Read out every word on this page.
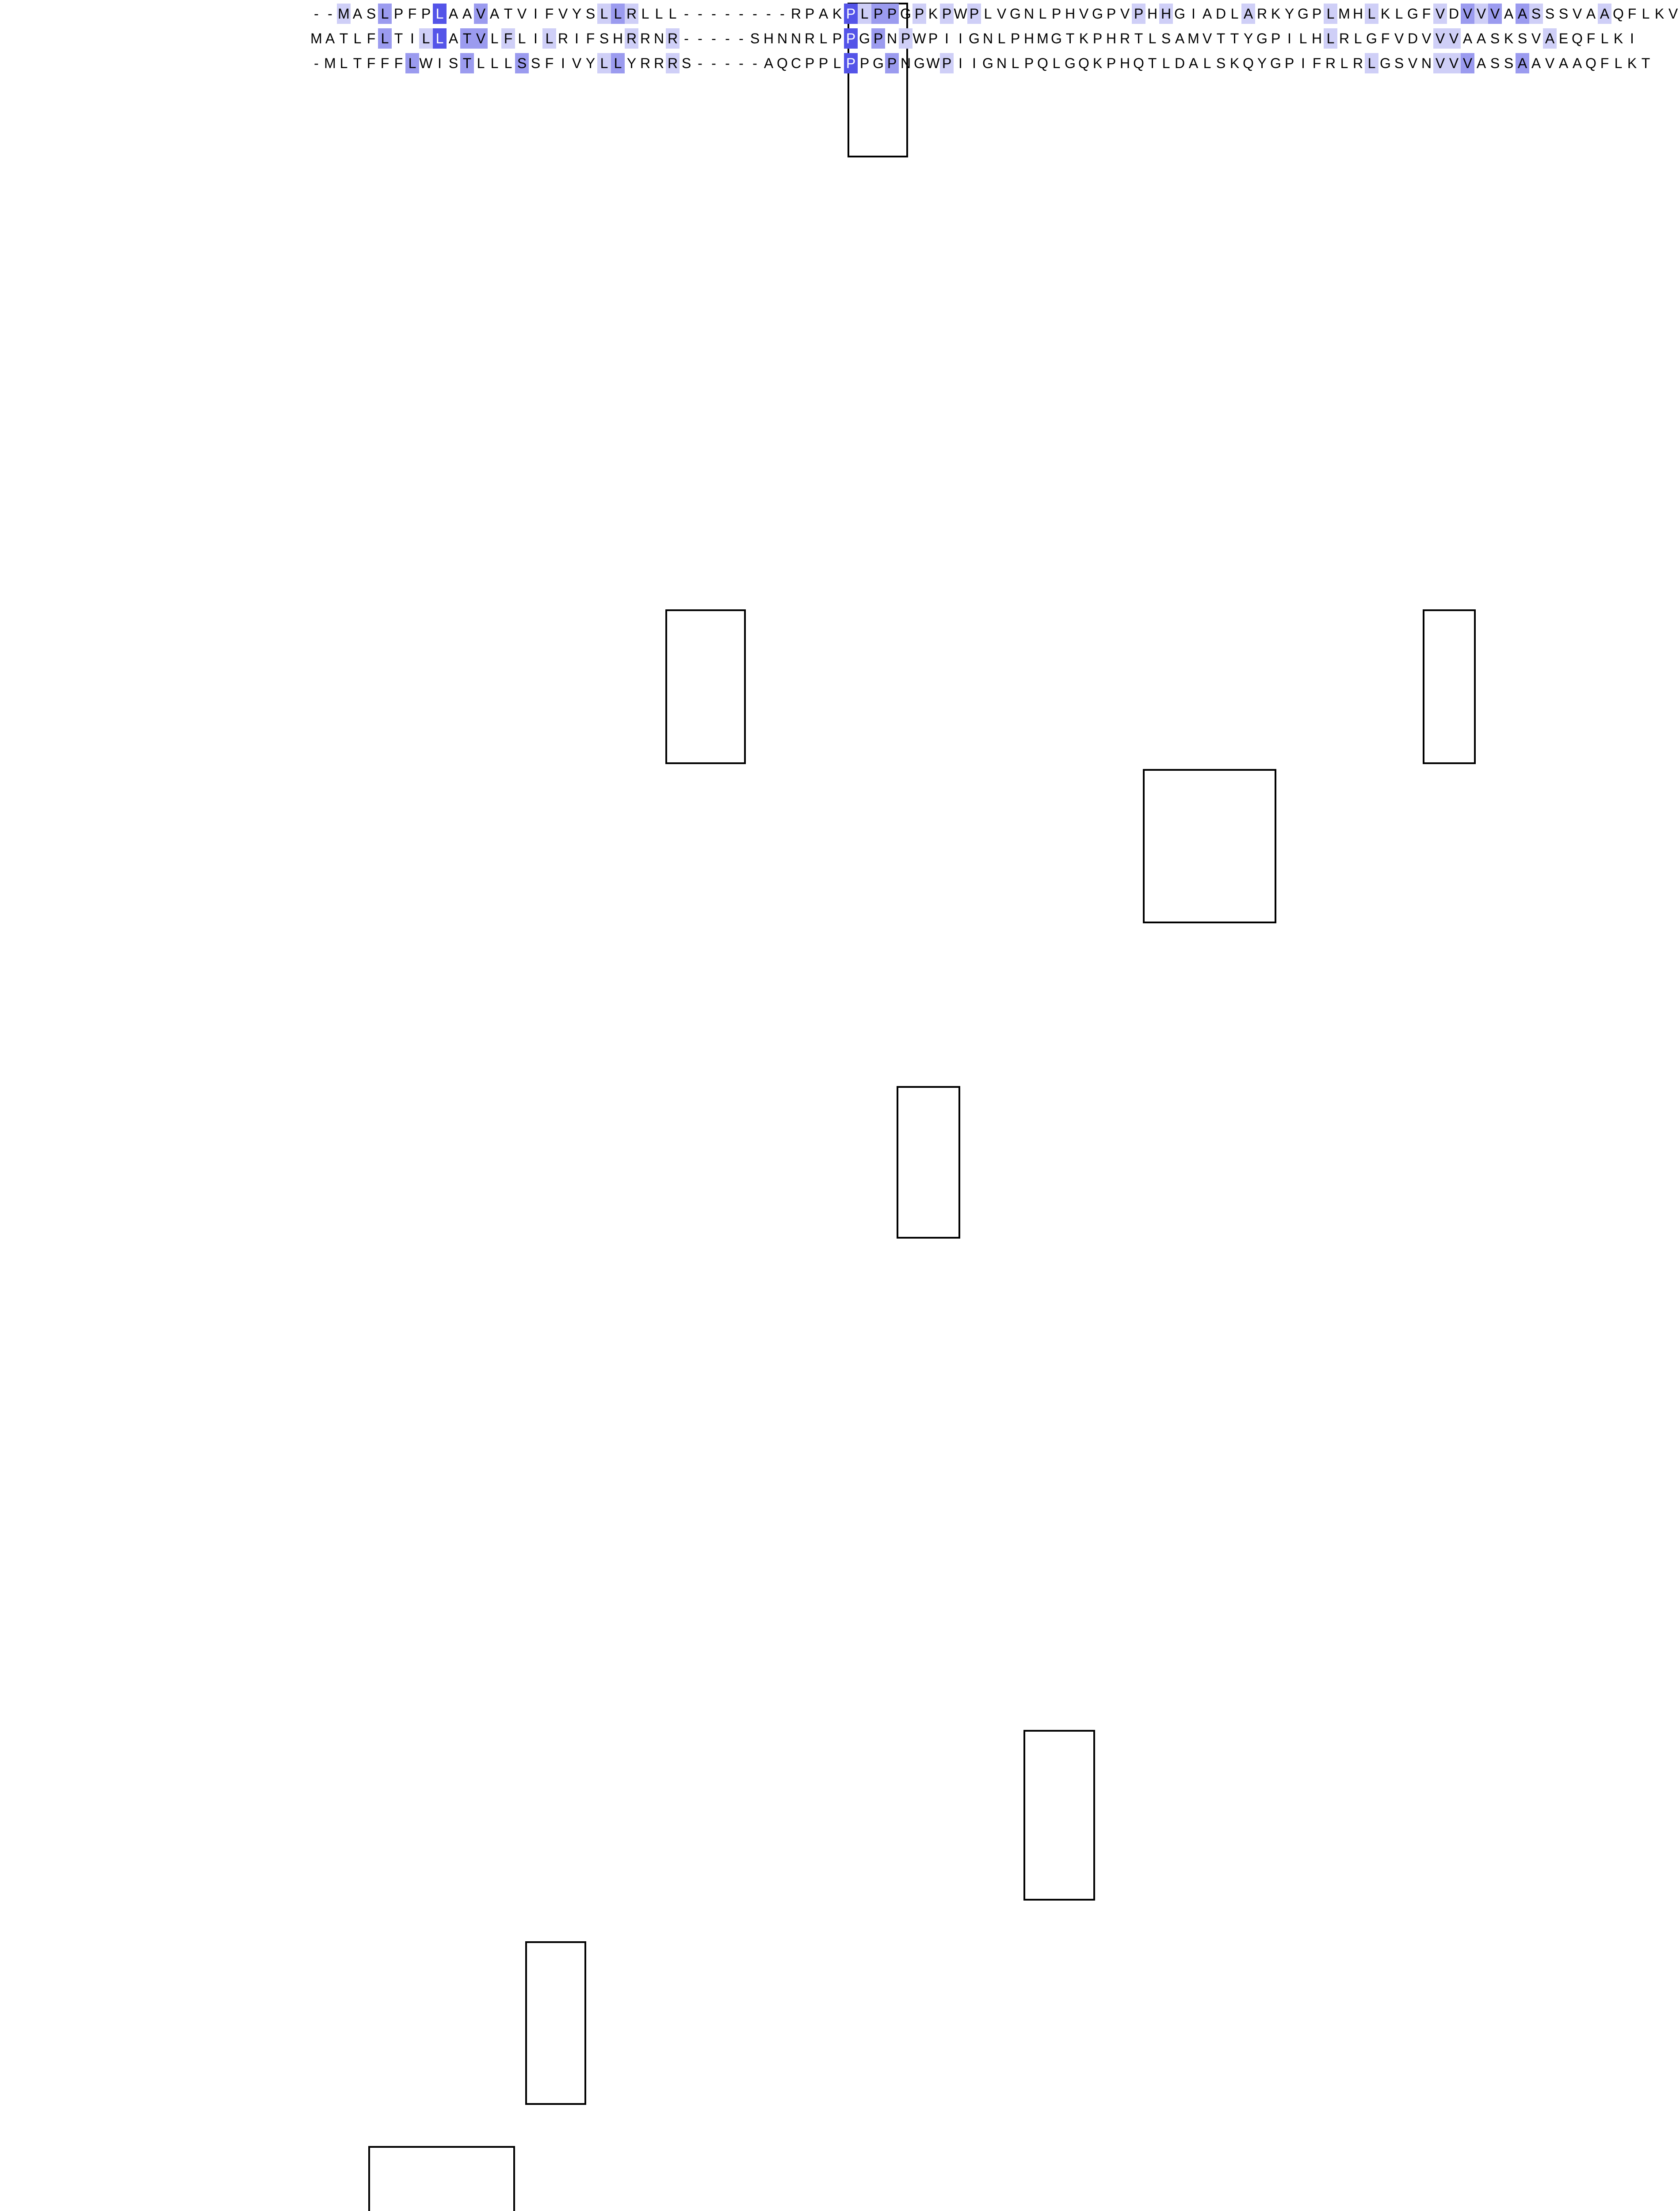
- - M A S L P F P L A A V A T V I F V Y S L L R L L L - - - - - - - - R P A K P L P P G P K P W P L V G N L P H V G P V P H H G I A D L A R K Y G P L M H L K L G F V D V V V A A S S S V A A Q F L K V
M A T L F L T I L L A T V L F L I L R I F S H R R N R - - - - - S H N N R L P P G P N P W P I I G N L P H M G T K P H R T L S A M V T T Y G P I L H L R L G F V D V V V A A S K S V A E Q F L K I
- M L T F F F L W I S T L L L S S F I V Y L L Y R R R S - - - - - A Q C P P L P P G P N G W P I I G N L P Q L G Q K P H Q T L D A L S K Q Y G P I F R L R L G S V N V V V A S S A A V A A Q F L K T
